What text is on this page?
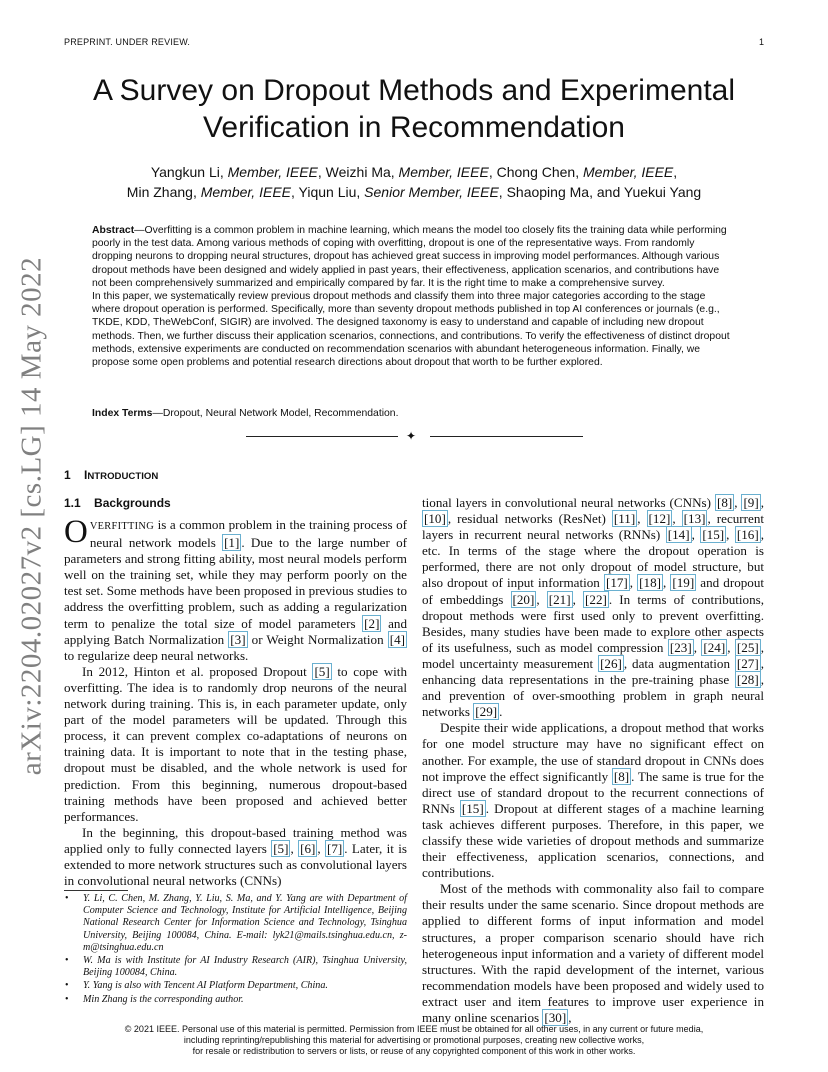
PREPRINT. UNDER REVIEW.	1
A Survey on Dropout Methods and Experimental Verification in Recommendation
Yangkun Li, Member, IEEE, Weizhi Ma, Member, IEEE, Chong Chen, Member, IEEE,
Min Zhang, Member, IEEE, Yiqun Liu, Senior Member, IEEE, Shaoping Ma, and Yuekui Yang

Abstract—Overfitting is a common problem in machine learning, which means the model too closely fits the training data while performing poorly in the test data. Among various methods of coping with overfitting, dropout is one of the representative ways. From randomly dropping neurons to dropping neural structures, dropout has achieved great success in improving model performances. Although various dropout methods have been designed and widely applied in past years, their effectiveness, application scenarios, and contributions have not been comprehensively summarized and empirically compared by far. It is the right time to make a comprehensive survey.

In this paper, we systematically review previous dropout methods and classify them into three major categories according to the stage where dropout operation is performed. Specifically, more than seventy dropout methods published in top AI conferences or journals (e.g., TKDE, KDD, TheWebConf, SIGIR) are involved. The designed taxonomy is easy to understand and capable of including new dropout methods. Then, we further discuss their application scenarios, connections, and contributions. To verify the effectiveness of distinct dropout methods, extensive experiments are conducted on recommendation scenarios with abundant heterogeneous information. Finally, we propose some open problems and potential research directions about dropout that worth to be further explored.

Index Terms—Dropout, Neural Network Model, Recommendation.
✦
1 INTRODUCTION
1.1 Backgrounds

OVERFITTING is a common problem in the training process of neural network models [1] . Due to the large number of parameters and strong fitting ability, most neural models perform well on the training set, while they may perform poorly on the test set. Some methods have been proposed in previous studies to address the overfitting problem, such as adding a regularization term to penalize the total size of model parameters [2] and applying Batch Normalization [3] or Weight Normalization [4] to regularize deep neural networks.

In 2012, Hinton et al. proposed Dropout [5] to cope with overfitting. The idea is to randomly drop neurons of the neural network during training. This is, in each parameter update, only part of the model parameters will be updated. Through this process, it can prevent complex co-adaptations of neurons on training data. It is important to note that in the testing phase, dropout must be disabled, and the whole network is used for prediction. From this beginning, numerous dropout-based training methods have been proposed and achieved better performances.

In the beginning, this dropout-based training method was applied only to fully connected layers [5] , [6] , [7] . Later, it is extended to more network structures such as convolutional layers in convolutional neural networks (CNNs)

• Y. Li, C. Chen, M. Zhang, Y. Liu, S. Ma, and Y. Yang are with Department of Computer Science and Technology, Institute for Artificial Intelligence, Beijing National Research Center for Information Science and Technology, Tsinghua University, Beijing 100084, China. E-mail: lyk21@mails.tsinghua.edu.cn, z-m@tsinghua.edu.cn
• W. Ma is with Institute for AI Industry Research (AIR), Tsinghua University, Beijing 100084, China.
• Y. Yang is also with Tencent AI Platform Department, China.
• Min Zhang is the corresponding author.

tional layers in convolutional neural networks (CNNs) [8] , [9] , [10] , residual networks (ResNet) [11] , [12] , [13] , recurrent layers in recurrent neural networks (RNNs) [14] , [15] , [16] , etc. In terms of the stage where the dropout operation is performed, there are not only dropout of model structure, but also dropout of input information [17] , [18] , [19] and dropout of embeddings [20] , [21] , [22] . In terms of contributions, dropout methods were first used only to prevent overfitting. Besides, many studies have been made to explore other aspects of its usefulness, such as model compression [23] , [24] , [25] , model uncertainty measurement [26] , data augmentation [27] , enhancing data representations in the pre-training phase [28] , and prevention of over-smoothing problem in graph neural networks [29] .

Despite their wide applications, a dropout method that works for one model structure may have no significant effect on another. For example, the use of standard dropout in CNNs does not improve the effect significantly [8] . The same is true for the direct use of standard dropout to the recurrent connections of RNNs [15] . Dropout at different stages of a machine learning task achieves different purposes. Therefore, in this paper, we classify these wide varieties of dropout methods and summarize their effectiveness, application scenarios, connections, and contributions.

Most of the methods with commonality also fail to compare their results under the same scenario. Since dropout methods are applied to different forms of input information and model structures, a proper comparison scenario should have rich heterogeneous input information and a variety of different model structures. With the rapid development of the internet, various recommendation models have been proposed and widely used to extract user and item features to improve user experience in many online scenarios [30] ,

© 2021 IEEE. Personal use of this material is permitted. Permission from IEEE must be obtained for all other uses, in any current or future media,
including reprinting/republishing this material for advertising or promotional purposes, creating new collective works,
for resale or redistribution to servers or lists, or reuse of any copyrighted component of this work in other works.
arXiv:2204.02027v2 [cs.LG] 14 May 2022
